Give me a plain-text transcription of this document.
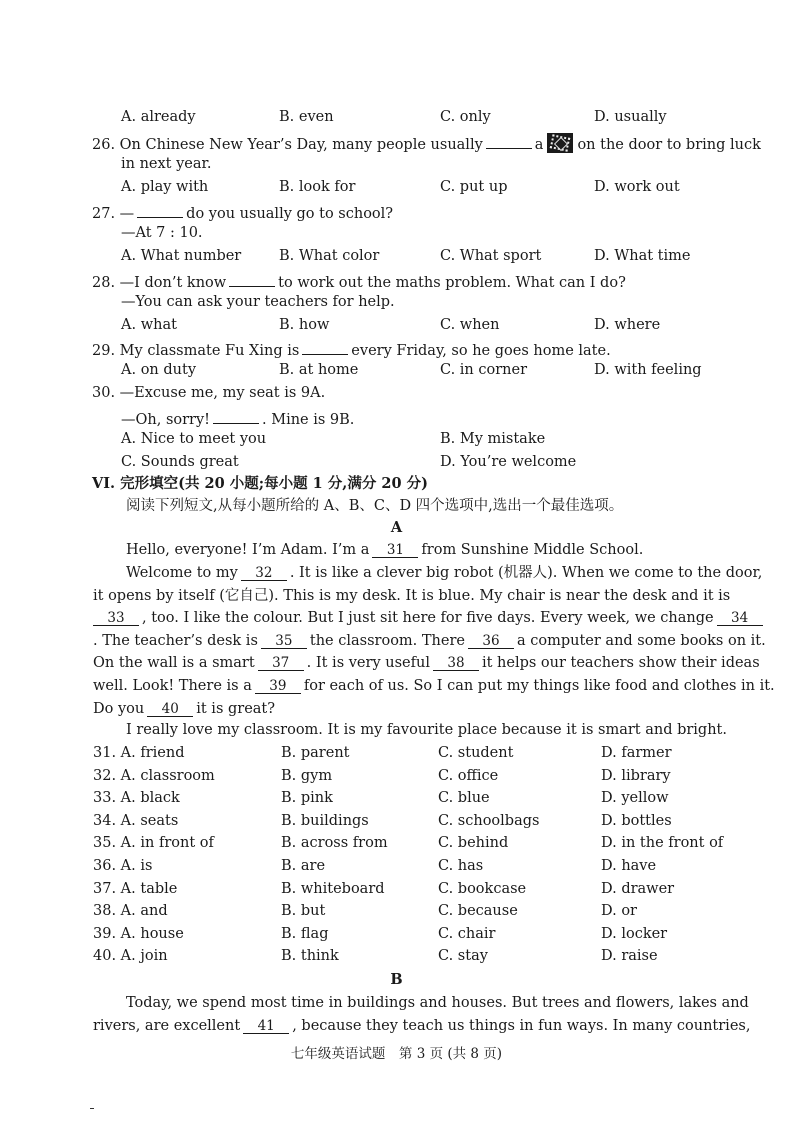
A. already	B. even	C. only	D. usually
26. On Chinese New Year’s Day, many people usually	a on the door to bring luck
in next year.
A. play with	B. look for	C. put up	D. work out
27. —	do you usually go to school?
—At 7 : 10.
A. What number	B. What color	C. What sport	D. What time
28. —I don’t know	to work out the maths problem. What can I do?
—You can ask your teachers for help.
A. what	B. how	C. when	D. where
29. My classmate Fu Xing is	every Friday, so he goes home late.
A. on duty	B. at home	C. in corner	D. with feeling
30. —Excuse me, my seat is 9A.
—Oh, sorry!	. Mine is 9B.
A. Nice to meet you	B. My mistake
C. Sounds great	D. You’re welcome
VI. 完形填空(共 20 小题;每小题 1 分,满分 20 分)
阅读下列短文,从每小题所给的 A、B、C、D 四个选项中,选出一个最佳选项。
A
Hello, everyone! I’m Adam. I’m a 31 from Sunshine Middle School.
Welcome to my 32 . It is like a clever big robot (机器人). When we come to the door,
it opens by itself (它自己). This is my desk. It is blue. My chair is near the desk and it is
33 , too. I like the colour. But I just sit here for five days. Every week, we change 34
. The teacher’s desk is 35 the classroom. There 36 a computer and some books on it.
On the wall is a smart 37 . It is very useful 38 it helps our teachers show their ideas
well. Look! There is a 39 for each of us. So I can put my things like food and clothes in it.
Do you 40 it is great?
I really love my classroom. It is my favourite place because it is smart and bright.
31. A. friend	B. parent	C. student	D. farmer
32. A. classroom	B. gym	C. office	D. library
33. A. black	B. pink	C. blue	D. yellow
34. A. seats	B. buildings	C. schoolbags	D. bottles
35. A. in front of	B. across from	C. behind	D. in the front of
36. A. is	B. are	C. has	D. have
37. A. table	B. whiteboard	C. bookcase	D. drawer
38. A. and	B. but	C. because	D. or
39. A. house	B. flag	C. chair	D. locker
40. A. join	B. think	C. stay	D. raise
B
Today, we spend most time in buildings and houses. But trees and flowers, lakes and
rivers, are excellent 41 , because they teach us things in fun ways. In many countries,
七年级英语试题　第 3 页 (共 8 页)
